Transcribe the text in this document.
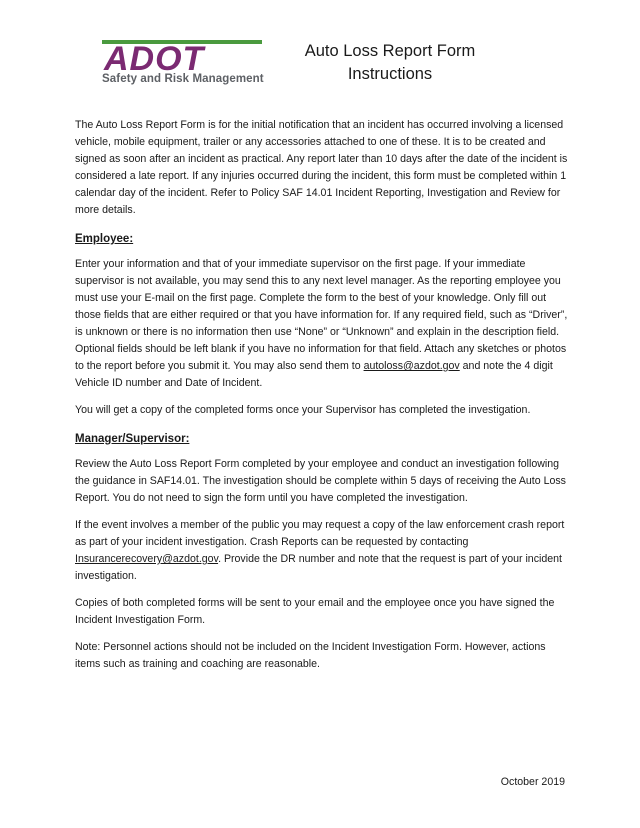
ADOT
Safety and Risk Management
Auto Loss Report Form
Instructions

The Auto Loss Report Form is for the initial notification that an incident has occurred involving a licensed vehicle, mobile equipment, trailer or any accessories attached to one of these. It is to be created and signed as soon after an incident as practical. Any report later than 10 days after the date of the incident is considered a late report. If any injuries occurred during the incident, this form must be completed within 1 calendar day of the incident. Refer to Policy SAF 14.01 Incident Reporting, Investigation and Review for more details.

Employee:

Enter your information and that of your immediate supervisor on the first page. If your immediate supervisor is not available, you may send this to any next level manager. As the reporting employee you must use your E-mail on the first page. Complete the form to the best of your knowledge. Only fill out those fields that are either required or that you have information for. If any required field, such as “Driver”, is unknown or there is no information then use “None” or “Unknown” and explain in the description field. Optional fields should be left blank if you have no information for that field. Attach any sketches or photos to the report before you submit it. You may also send them to autoloss@azdot.gov and note the 4 digit Vehicle ID number and Date of Incident.

You will get a copy of the completed forms once your Supervisor has completed the investigation.

Manager/Supervisor:

Review the Auto Loss Report Form completed by your employee and conduct an investigation following the guidance in SAF14.01. The investigation should be complete within 5 days of receiving the Auto Loss Report. You do not need to sign the form until you have completed the investigation.

If the event involves a member of the public you may request a copy of the law enforcement crash report as part of your incident investigation. Crash Reports can be requested by contacting Insurancerecovery@azdot.gov. Provide the DR number and note that the request is part of your incident investigation.

Copies of both completed forms will be sent to your email and the employee once you have signed the Incident Investigation Form.

Note: Personnel actions should not be included on the Incident Investigation Form. However, actions items such as training and coaching are reasonable.

October 2019
